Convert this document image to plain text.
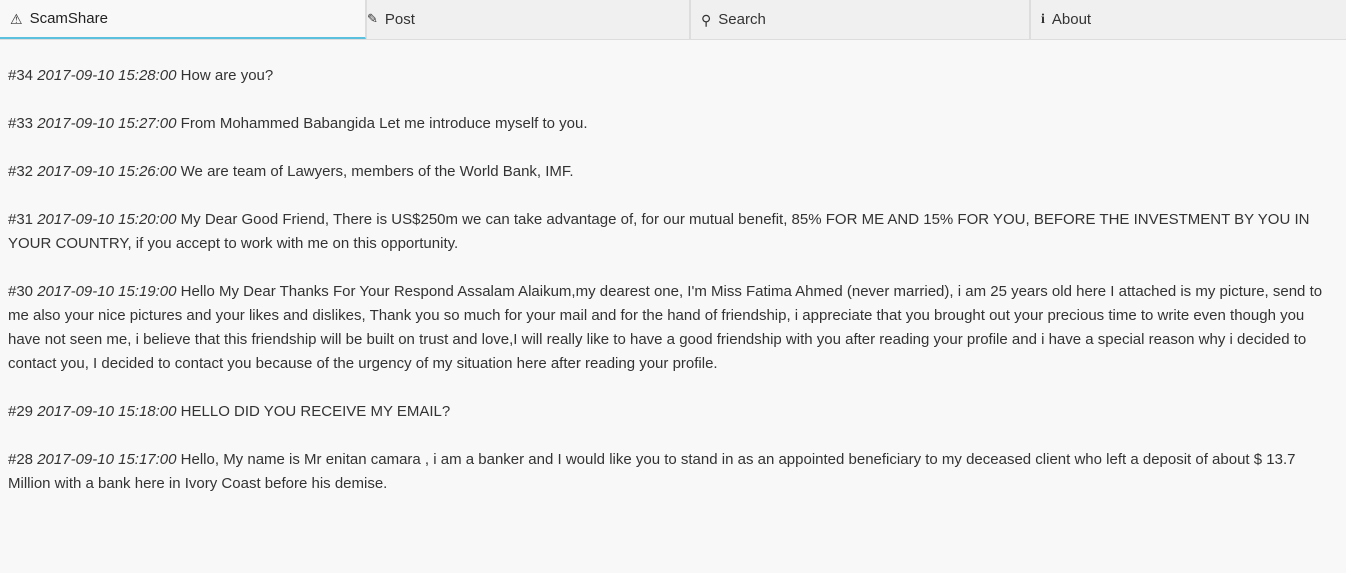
⚠ ScamShare	✎ Post	⚲ Search	i About

#34 2017-09-10 15:28:00 How are you?

#33 2017-09-10 15:27:00 From Mohammed Babangida Let me introduce myself to you.

#32 2017-09-10 15:26:00 We are team of Lawyers, members of the World Bank, IMF.

#31 2017-09-10 15:20:00 My Dear Good Friend, There is US$250m we can take advantage of, for our mutual benefit, 85% FOR ME AND 15% FOR YOU, BEFORE THE INVESTMENT BY YOU IN YOUR COUNTRY, if you accept to work with me on this opportunity.

#30 2017-09-10 15:19:00 Hello My Dear Thanks For Your Respond Assalam Alaikum,my dearest one, I'm Miss Fatima Ahmed (never married), i am 25 years old here I attached is my picture, send to me also your nice pictures and your likes and dislikes, Thank you so much for your mail and for the hand of friendship, i appreciate that you brought out your precious time to write even though you have not seen me, i believe that this friendship will be built on trust and love,I will really like to have a good friendship with you after reading your profile and i have a special reason why i decided to contact you, I decided to contact you because of the urgency of my situation here after reading your profile.

#29 2017-09-10 15:18:00 HELLO DID YOU RECEIVE MY EMAIL?

#28 2017-09-10 15:17:00 Hello, My name is Mr enitan camara , i am a banker and I would like you to stand in as an appointed beneficiary to my deceased client who left a deposit of about $ 13.7 Million with a bank here in Ivory Coast before his demise.
